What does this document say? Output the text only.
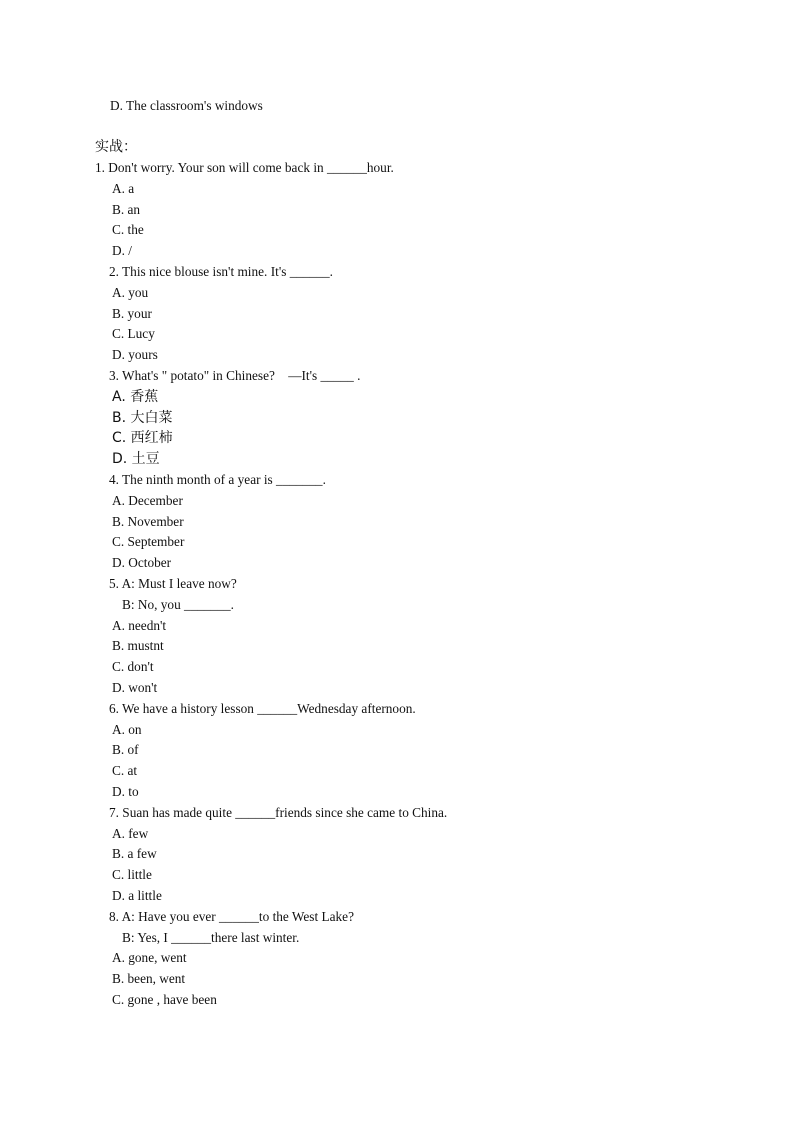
D. The classroom's windows
实战：
1. Don't worry. Your son will come back in ______hour.
A. a
B. an
C. the
D. /
2. This nice blouse isn't mine. It's ______.
A. you
B. your
C. Lucy
D. yours
3. What's " potato" in Chinese?　—It's _____ .
A. 香蕉
B. 大白菜
C. 西红柿
D. 土豆
4. The ninth month of a year is _______.
A. December
B. November
C. September
D. October
5. A: Must I leave now?
B: No, you _______.
A. needn't
B. mustnt
C. don't
D. won't
6. We have a history lesson ______Wednesday afternoon.
A. on
B. of
C. at
D. to
7. Suan has made quite ______friends since she came to China.
A. few
B. a few
C. little
D. a little
8. A: Have you ever ______to the West Lake?
B: Yes, I ______there last winter.
A. gone, went
B. been, went
C. gone , have been
